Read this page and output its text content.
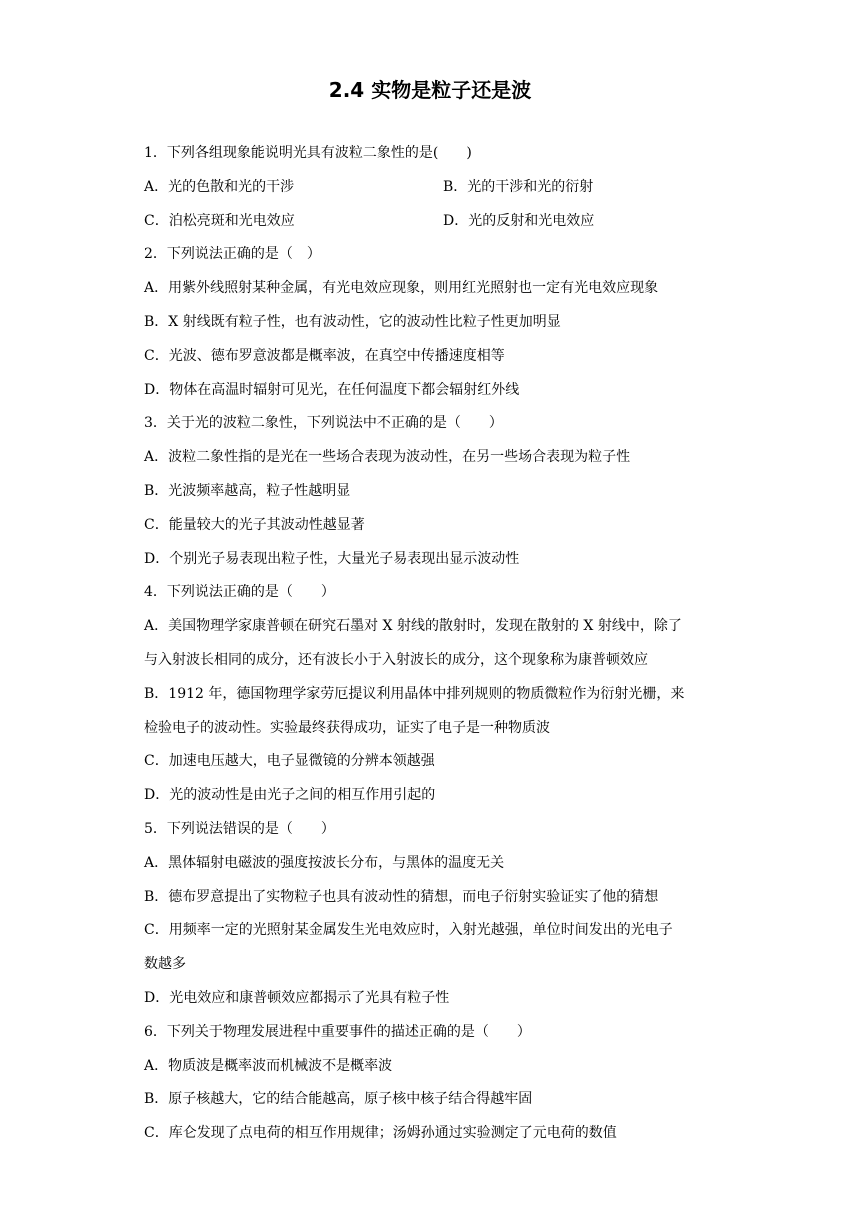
2.4 实物是粒子还是波
1．下列各组现象能说明光具有波粒二象性的是(　　)
A．光的色散和光的干涉	B．光的干涉和光的衍射
C．泊松亮斑和光电效应	D．光的反射和光电效应
2．下列说法正确的是（　）
A．用紫外线照射某种金属，有光电效应现象，则用红光照射也一定有光电效应现象
B．X 射线既有粒子性，也有波动性，它的波动性比粒子性更加明显
C．光波、德布罗意波都是概率波，在真空中传播速度相等
D．物体在高温时辐射可见光，在任何温度下都会辐射红外线
3．关于光的波粒二象性，下列说法中不正确的是（　　）
A．波粒二象性指的是光在一些场合表现为波动性，在另一些场合表现为粒子性
B．光波频率越高，粒子性越明显
C．能量较大的光子其波动性越显著
D．个别光子易表现出粒子性，大量光子易表现出显示波动性
4．下列说法正确的是（　　）
A．美国物理学家康普顿在研究石墨对 X 射线的散射时，发现在散射的 X 射线中，除了
与入射波长相同的成分，还有波长小于入射波长的成分，这个现象称为康普顿效应
B．1912 年，德国物理学家劳厄提议利用晶体中排列规则的物质微粒作为衍射光栅，来
检验电子的波动性。实验最终获得成功，证实了电子是一种物质波
C．加速电压越大，电子显微镜的分辨本领越强
D．光的波动性是由光子之间的相互作用引起的
5．下列说法错误的是（　　）
A．黑体辐射电磁波的强度按波长分布，与黑体的温度无关
B．德布罗意提出了实物粒子也具有波动性的猜想，而电子衍射实验证实了他的猜想
C．用频率一定的光照射某金属发生光电效应时，入射光越强，单位时间发出的光电子
数越多
D．光电效应和康普顿效应都揭示了光具有粒子性
6．下列关于物理发展进程中重要事件的描述正确的是（　　）
A．物质波是概率波而机械波不是概率波
B．原子核越大，它的结合能越高，原子核中核子结合得越牢固
C．库仑发现了点电荷的相互作用规律；汤姆孙通过实验测定了元电荷的数值
